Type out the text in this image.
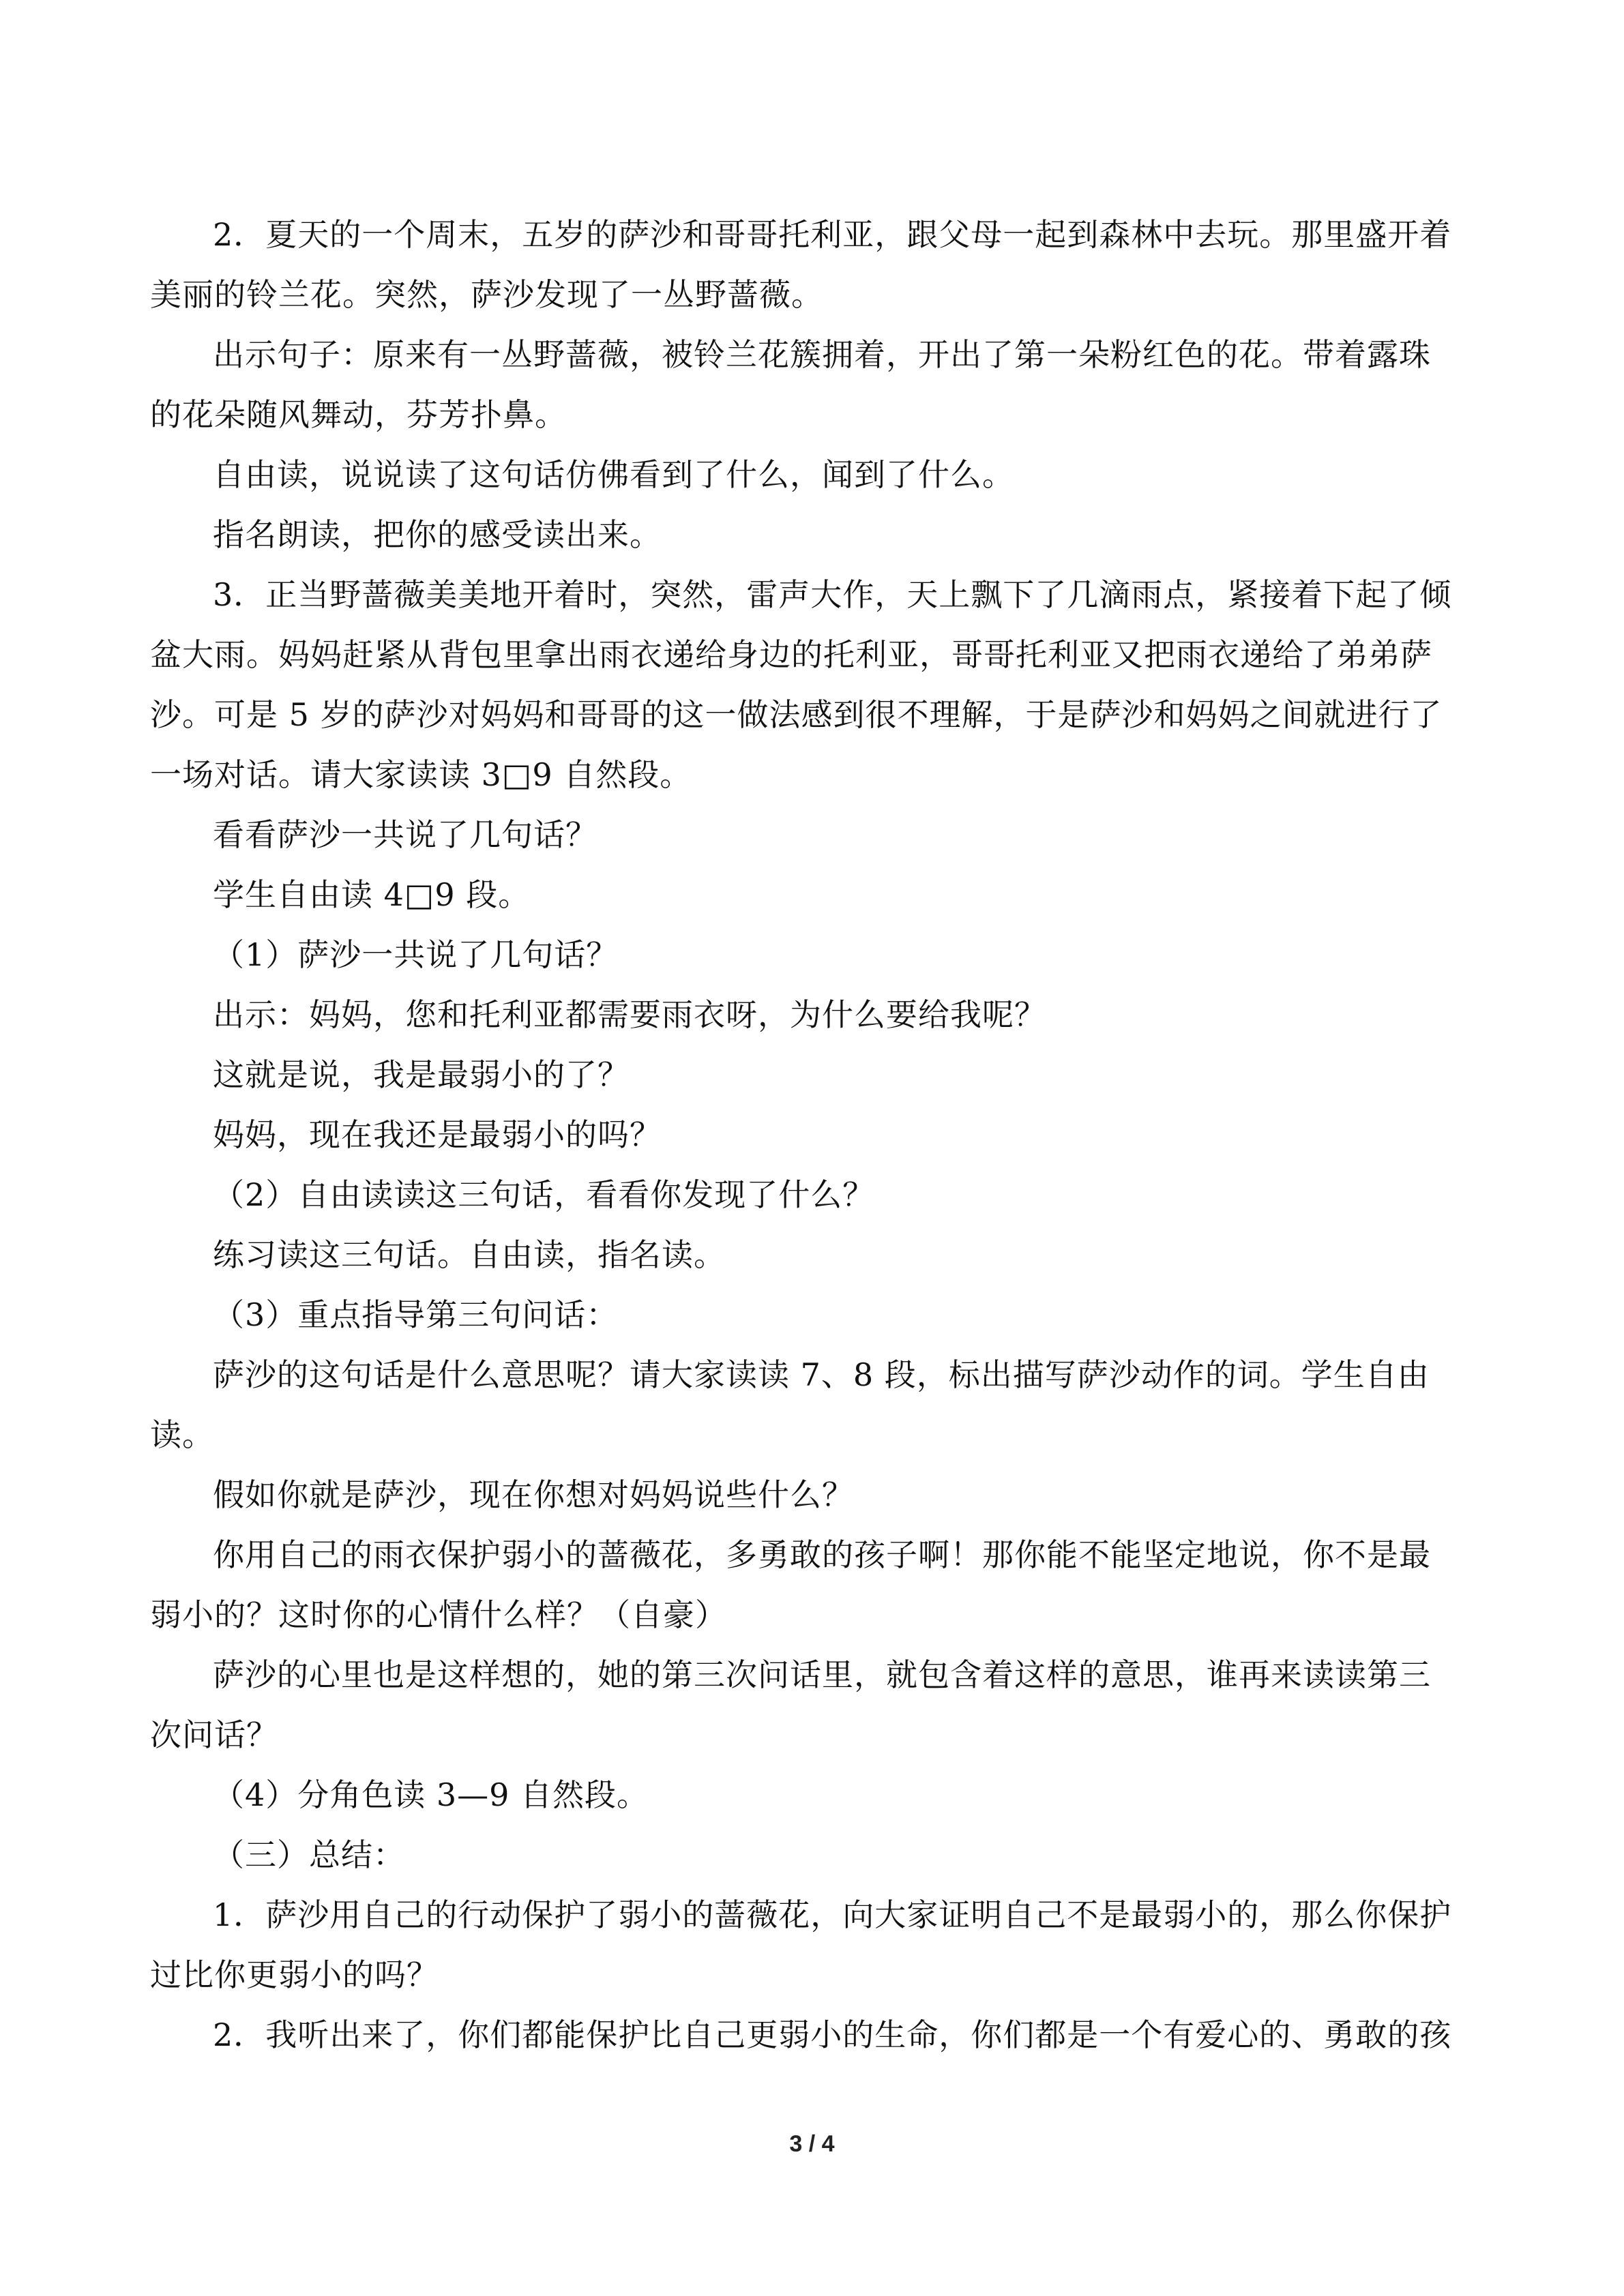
2．夏天的一个周末，五岁的萨沙和哥哥托利亚，跟父母一起到森林中去玩。那里盛开着
美丽的铃兰花。突然，萨沙发现了一丛野蔷薇。
出示句子：原来有一丛野蔷薇，被铃兰花簇拥着，开出了第一朵粉红色的花。带着露珠
的花朵随风舞动，芬芳扑鼻。
自由读，说说读了这句话仿佛看到了什么，闻到了什么。
指名朗读，把你的感受读出来。
3．正当野蔷薇美美地开着时，突然，雷声大作，天上飘下了几滴雨点，紧接着下起了倾
盆大雨。妈妈赶紧从背包里拿出雨衣递给身边的托利亚，哥哥托利亚又把雨衣递给了弟弟萨
沙。可是 5 岁的萨沙对妈妈和哥哥的这一做法感到很不理解，于是萨沙和妈妈之间就进行了
一场对话。请大家读读 3□9 自然段。
看看萨沙一共说了几句话？
学生自由读 4□9 段。
（1）萨沙一共说了几句话？
出示：妈妈，您和托利亚都需要雨衣呀，为什么要给我呢？
这就是说，我是最弱小的了？
妈妈，现在我还是最弱小的吗？
（2）自由读读这三句话，看看你发现了什么？
练习读这三句话。自由读，指名读。
（3）重点指导第三句问话：
萨沙的这句话是什么意思呢？请大家读读 7、8 段，标出描写萨沙动作的词。学生自由
读。
假如你就是萨沙，现在你想对妈妈说些什么？
你用自己的雨衣保护弱小的蔷薇花，多勇敢的孩子啊！那你能不能坚定地说，你不是最
弱小的？这时你的心情什么样？（自豪）
萨沙的心里也是这样想的，她的第三次问话里，就包含着这样的意思，谁再来读读第三
次问话？
（4）分角色读 3—9 自然段。
（三）总结：
1．萨沙用自己的行动保护了弱小的蔷薇花，向大家证明自己不是最弱小的，那么你保护
过比你更弱小的吗？
2．我听出来了，你们都能保护比自己更弱小的生命，你们都是一个有爱心的、勇敢的孩
3 / 4
